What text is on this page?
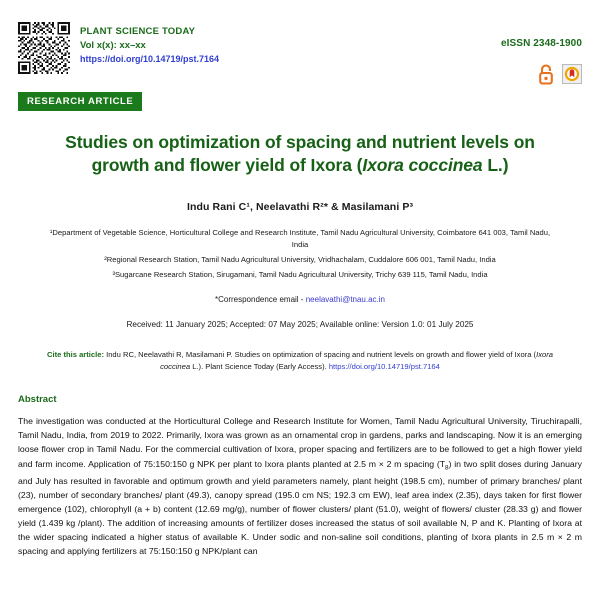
PLANT SCIENCE TODAY
Vol x(x): xx–xx
https://doi.org/10.14719/pst.7164
eISSN 2348-1900
RESEARCH ARTICLE
Studies on optimization of spacing and nutrient levels on growth and flower yield of Ixora (Ixora coccinea L.)
Indu Rani C¹, Neelavathi R²* & Masilamani P³
¹Department of Vegetable Science, Horticultural College and Research Institute, Tamil Nadu Agricultural University, Coimbatore 641 003, Tamil Nadu, India
²Regional Research Station, Tamil Nadu Agricultural University, Vridhachalam, Cuddalore 606 001, Tamil Nadu, India
³Sugarcane Research Station, Sirugamani, Tamil Nadu Agricultural University, Trichy 639 115, Tamil Nadu, India
*Correspondence email - neelavathi@tnau.ac.in
Received: 11 January 2025; Accepted: 07 May 2025; Available online: Version 1.0: 01 July 2025
Cite this article: Indu RC, Neelavathi R, Masilamani P. Studies on optimization of spacing and nutrient levels on growth and flower yield of Ixora (Ixora coccinea L.). Plant Science Today (Early Access). https://doi.org/10.14719/pst.7164
Abstract
The investigation was conducted at the Horticultural College and Research Institute for Women, Tamil Nadu Agricultural University, Tiruchirapalli, Tamil Nadu, India, from 2019 to 2022. Primarily, Ixora was grown as an ornamental crop in gardens, parks and landscaping. Now it is an emerging loose flower crop in Tamil Nadu. For the commercial cultivation of Ixora, proper spacing and fertilizers are to be followed to get a high flower yield and farm income. Application of 75:150:150 g NPK per plant to Ixora plants planted at 2.5 m × 2 m spacing $(T_8)$ in two split doses during January and July has resulted in favorable and optimum growth and yield parameters namely, plant height (198.5 cm), number of primary branches/ plant (23), number of secondary branches/ plant (49.3), canopy spread (195.0 cm NS; 192.3 cm EW), leaf area index (2.35), days taken for first flower emergence (102), chlorophyll (a + b) content (12.69 mg/g), number of flower clusters/ plant (51.0), weight of flowers/ cluster (28.33 g) and flower yield (1.439 kg /plant). The addition of increasing amounts of fertilizer doses increased the status of soil available N, P and K. Planting of Ixora at the wider spacing indicated a higher status of available K. Under sodic and non-saline soil conditions, planting of Ixora plants in 2.5 m × 2 m spacing and applying fertilizers at 75:150:150 g NPK/plant can
